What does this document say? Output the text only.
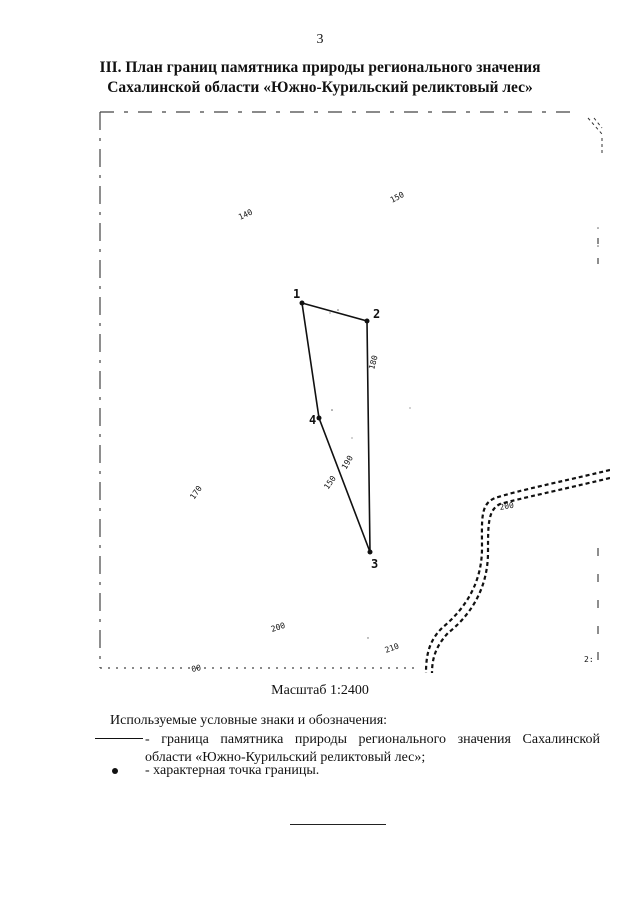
3
III. План границ памятника природы регионального значения
Сахалинской области «Южно-Курильский реликтовый лес»
1
2
3
4
140
150
180
190
150
170
200
210
200
00
2:
Масштаб 1:2400
Используемые условные знаки и обозначения:
- граница памятника природы регионального значения Сахалинской области «Южно-Курильский реликтовый лес»;
- характерная точка границы.
